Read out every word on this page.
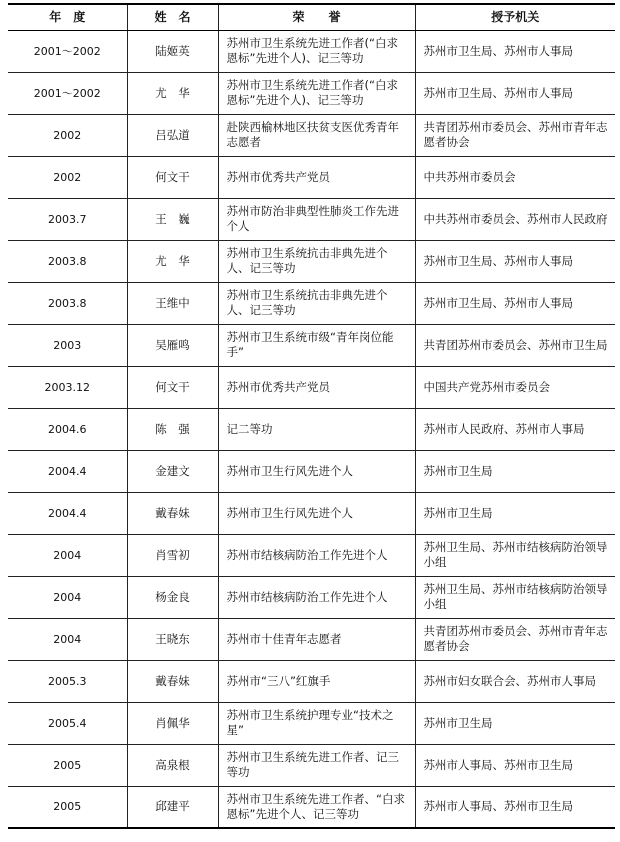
年　度	姓　名	荣　　誉	授予机关
2001～2002	陆姬英	苏州市卫生系统先进工作者(“白求恩标”先进个人)、记三等功	苏州市卫生局、苏州市人事局
2001～2002	尤　华	苏州市卫生系统先进工作者(“白求恩标”先进个人)、记三等功	苏州市卫生局、苏州市人事局
2002	吕弘道	赴陕西榆林地区扶贫支医优秀青年志愿者	共青团苏州市委员会、苏州市青年志愿者协会
2002	何文干	苏州市优秀共产党员	中共苏州市委员会
2003.7	王　巍	苏州市防治非典型性肺炎工作先进个人	中共苏州市委员会、苏州市人民政府
2003.8	尤　华	苏州市卫生系统抗击非典先进个人、记三等功	苏州市卫生局、苏州市人事局
2003.8	王维中	苏州市卫生系统抗击非典先进个人、记三等功	苏州市卫生局、苏州市人事局
2003	吴雁鸣	苏州市卫生系统市级“青年岗位能手”	共青团苏州市委员会、苏州市卫生局
2003.12	何文干	苏州市优秀共产党员	中国共产党苏州市委员会
2004.6	陈　强	记二等功	苏州市人民政府、苏州市人事局
2004.4	金建文	苏州市卫生行风先进个人	苏州市卫生局
2004.4	戴春妹	苏州市卫生行风先进个人	苏州市卫生局
2004	肖雪初	苏州市结核病防治工作先进个人	苏州卫生局、苏州市结核病防治领导小组
2004	杨金良	苏州市结核病防治工作先进个人	苏州卫生局、苏州市结核病防治领导小组
2004	王晓东	苏州市十佳青年志愿者	共青团苏州市委员会、苏州市青年志愿者协会
2005.3	戴春妹	苏州市“三八”红旗手	苏州市妇女联合会、苏州市人事局
2005.4	肖佩华	苏州市卫生系统护理专业“技术之星”	苏州市卫生局
2005	高泉根	苏州市卫生系统先进工作者、记三等功	苏州市人事局、苏州市卫生局
2005	邱建平	苏州市卫生系统先进工作者、“白求恩标”先进个人、记三等功	苏州市人事局、苏州市卫生局
